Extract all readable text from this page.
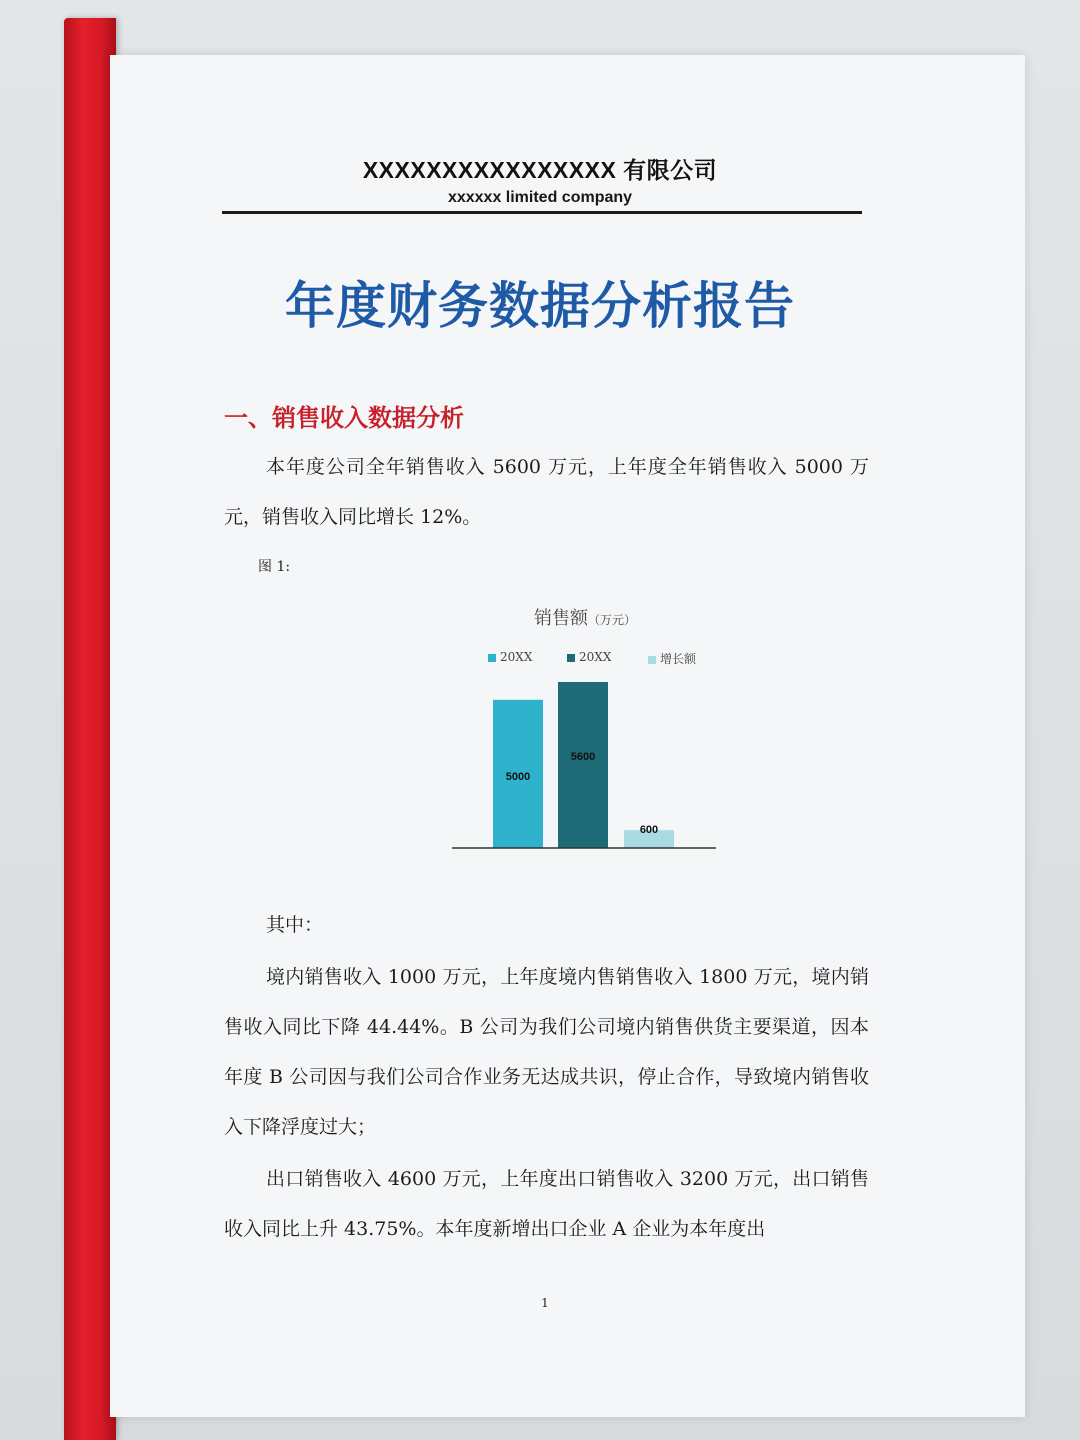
XXXXXXXXXXXXXXXX 有限公司
xxxxxx limited company
年度财务数据分析报告
一、销售收入数据分析
本年度公司全年销售收入 5600 万元，上年度全年销售收入 5000 万元，销售收入同比增长 12%。
图 1:
销售额（万元）
20XX	20XX	增长额
5000
5600
600
其中：
境内销售收入 1000 万元，上年度境内售销售收入 1800 万元，境内销售收入同比下降 44.44%。B 公司为我们公司境内销售供货主要渠道，因本年度 B 公司因与我们公司合作业务无达成共识，停止合作，导致境内销售收入下降浮度过大；
出口销售收入 4600 万元，上年度出口销售收入 3200 万元，出口销售收入同比上升 43.75%。本年度新增出口企业 A 企业为本年度出
1
